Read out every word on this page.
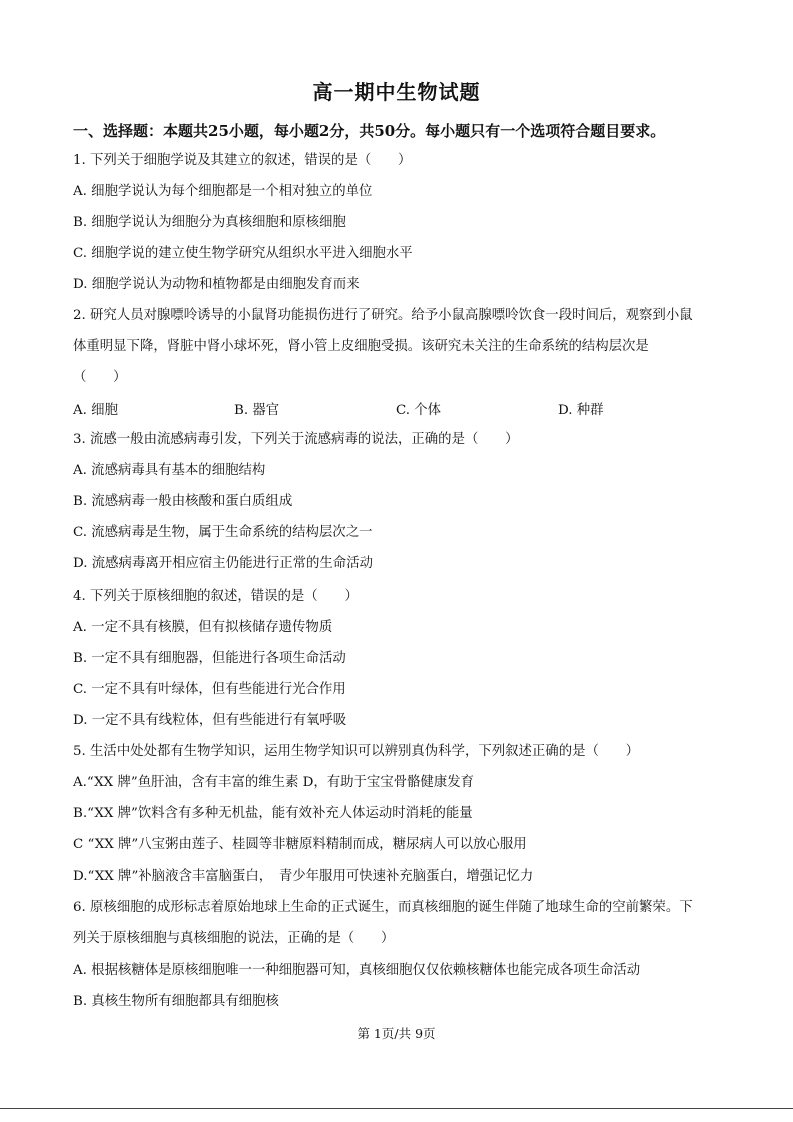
高一期中生物试题
一、选择题：本题共25小题，每小题2分，共50分。每小题只有一个选项符合题目要求。
1. 下列关于细胞学说及其建立的叙述，错误的是（　　）
A. 细胞学说认为每个细胞都是一个相对独立的单位
B. 细胞学说认为细胞分为真核细胞和原核细胞
C. 细胞学说的建立使生物学研究从组织水平进入细胞水平
D. 细胞学说认为动物和植物都是由细胞发育而来
2. 研究人员对腺嘌呤诱导的小鼠肾功能损伤进行了研究。给予小鼠高腺嘌呤饮食一段时间后，观察到小鼠
体重明显下降，肾脏中肾小球坏死，肾小管上皮细胞受损。该研究未关注的生命系统的结构层次是
（　　）
A. 细胞	B. 器官	C. 个体	D. 种群
3. 流感一般由流感病毒引发，下列关于流感病毒的说法，正确的是（　　）
A. 流感病毒具有基本的细胞结构
B. 流感病毒一般由核酸和蛋白质组成
C. 流感病毒是生物，属于生命系统的结构层次之一
D. 流感病毒离开相应宿主仍能进行正常的生命活动
4. 下列关于原核细胞的叙述，错误的是（　　）
A. 一定不具有核膜，但有拟核储存遗传物质
B. 一定不具有细胞器，但能进行各项生命活动
C. 一定不具有叶绿体，但有些能进行光合作用
D. 一定不具有线粒体，但有些能进行有氧呼吸
5. 生活中处处都有生物学知识，运用生物学知识可以辨别真伪科学，下列叙述正确的是（　　）
A.“XX 牌”鱼肝油，含有丰富的维生素 D，有助于宝宝骨骼健康发育
B.“XX 牌”饮料含有多种无机盐，能有效补充人体运动时消耗的能量
C “XX 牌”八宝粥由莲子、桂圆等非糖原料精制而成，糖尿病人可以放心服用
D.“XX 牌”补脑液含丰富脑蛋白，　青少年服用可快速补充脑蛋白，增强记忆力
6. 原核细胞的成形标志着原始地球上生命的正式诞生，而真核细胞的诞生伴随了地球生命的空前繁荣。下
列关于原核细胞与真核细胞的说法，正确的是（　　）
A. 根据核糖体是原核细胞唯一一种细胞器可知，真核细胞仅仅依赖核糖体也能完成各项生命活动
B. 真核生物所有细胞都具有细胞核
第 1页/共 9页
